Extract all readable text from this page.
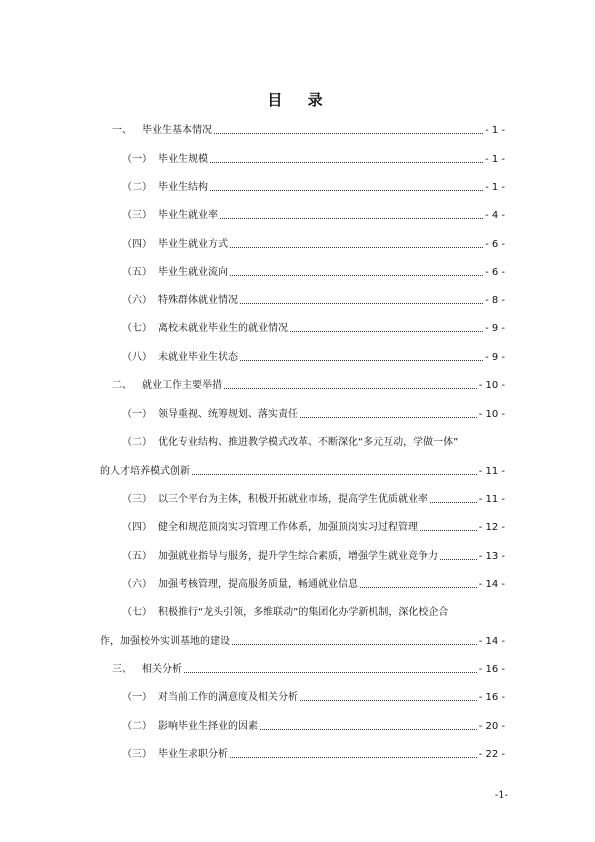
目 录
一、	毕业生基本情况	- 1 -
（一） 毕业生规模	- 1 -
（二） 毕业生结构	- 1 -
（三） 毕业生就业率	- 4 -
（四） 毕业生就业方式	- 6 -
（五） 毕业生就业流向	- 6 -
（六） 特殊群体就业情况	- 8 -
（七） 离校未就业毕业生的就业情况	- 9 -
（八） 未就业毕业生状态	- 9 -
二、	就业工作主要举措	- 10 -
（一） 领导重视、统筹规划、落实责任	- 10 -
（二） 优化专业结构、推进教学模式改革、不断深化“多元互动，学做一体”
的人才培养模式创新	- 11 -
（三） 以三个平台为主体，积极开拓就业市场，提高学生优质就业率	- 11 -
（四） 健全和规范顶岗实习管理工作体系，加强顶岗实习过程管理	- 12 -
（五） 加强就业指导与服务，提升学生综合素质，增强学生就业竞争力	- 13 -
（六） 加强考核管理，提高服务质量，畅通就业信息	- 14 -
（七） 积极推行“龙头引领，多维联动”的集团化办学新机制，深化校企合
作，加强校外实训基地的建设	- 14 -
三、	相关分析	- 16 -
（一） 对当前工作的满意度及相关分析	- 16 -
（二） 影响毕业生择业的因素	- 20 -
（三） 毕业生求职分析	- 22 -
-1-
